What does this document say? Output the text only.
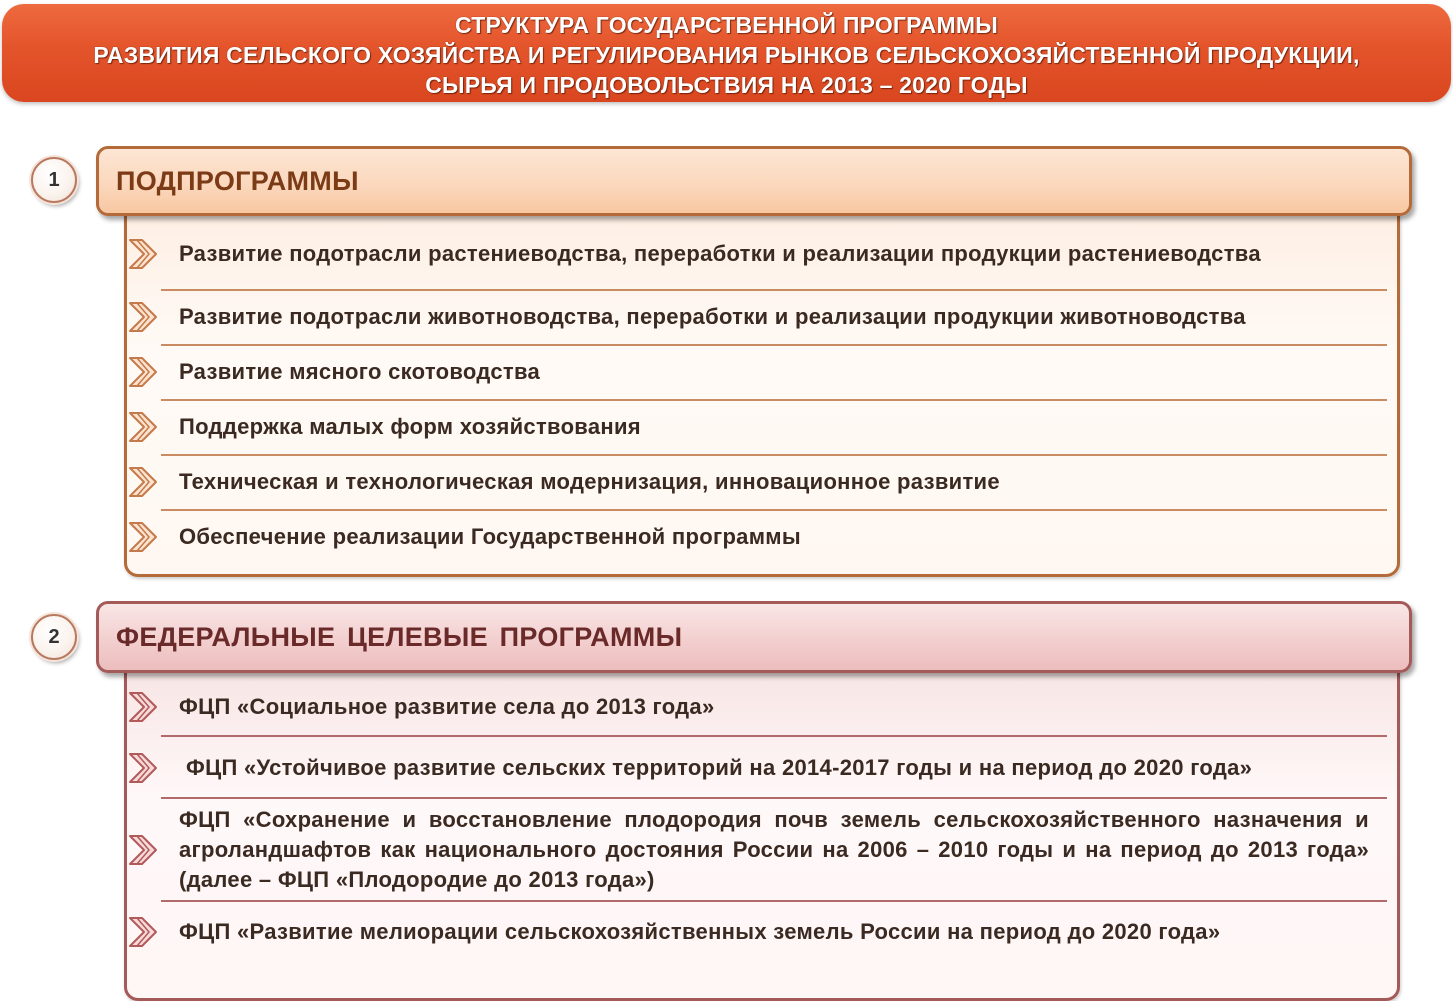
СТРУКТУРА ГОСУДАРСТВЕННОЙ ПРОГРАММЫ
РАЗВИТИЯ СЕЛЬСКОГО ХОЗЯЙСТВА И РЕГУЛИРОВАНИЯ РЫНКОВ СЕЛЬСКОХОЗЯЙСТВЕННОЙ ПРОДУКЦИИ,
СЫРЬЯ И ПРОДОВОЛЬСТВИЯ НА 2013 – 2020 ГОДЫ
1	ПОДПРОГРАММЫ
Развитие подотрасли растениеводства, переработки и реализации продукции растениеводства
Развитие подотрасли животноводства, переработки и реализации продукции животноводства
Развитие мясного скотоводства
Поддержка малых форм хозяйствования
Техническая и технологическая модернизация, инновационное развитие
Обеспечение реализации Государственной программы
2	ФЕДЕРАЛЬНЫЕ ЦЕЛЕВЫЕ ПРОГРАММЫ
ФЦП «Социальное развитие села до 2013 года»
ФЦП «Устойчивое развитие сельских территорий на 2014-2017 годы и на период до 2020 года»
ФЦП «Сохранение и восстановление плодородия почв земель сельскохозяйственного назначения и агроландшафтов как национального достояния России на 2006 – 2010 годы и на период до 2013 года» (далее – ФЦП «Плодородие до 2013 года»)
ФЦП «Развитие мелиорации сельскохозяйственных земель России на период до 2020 года»
